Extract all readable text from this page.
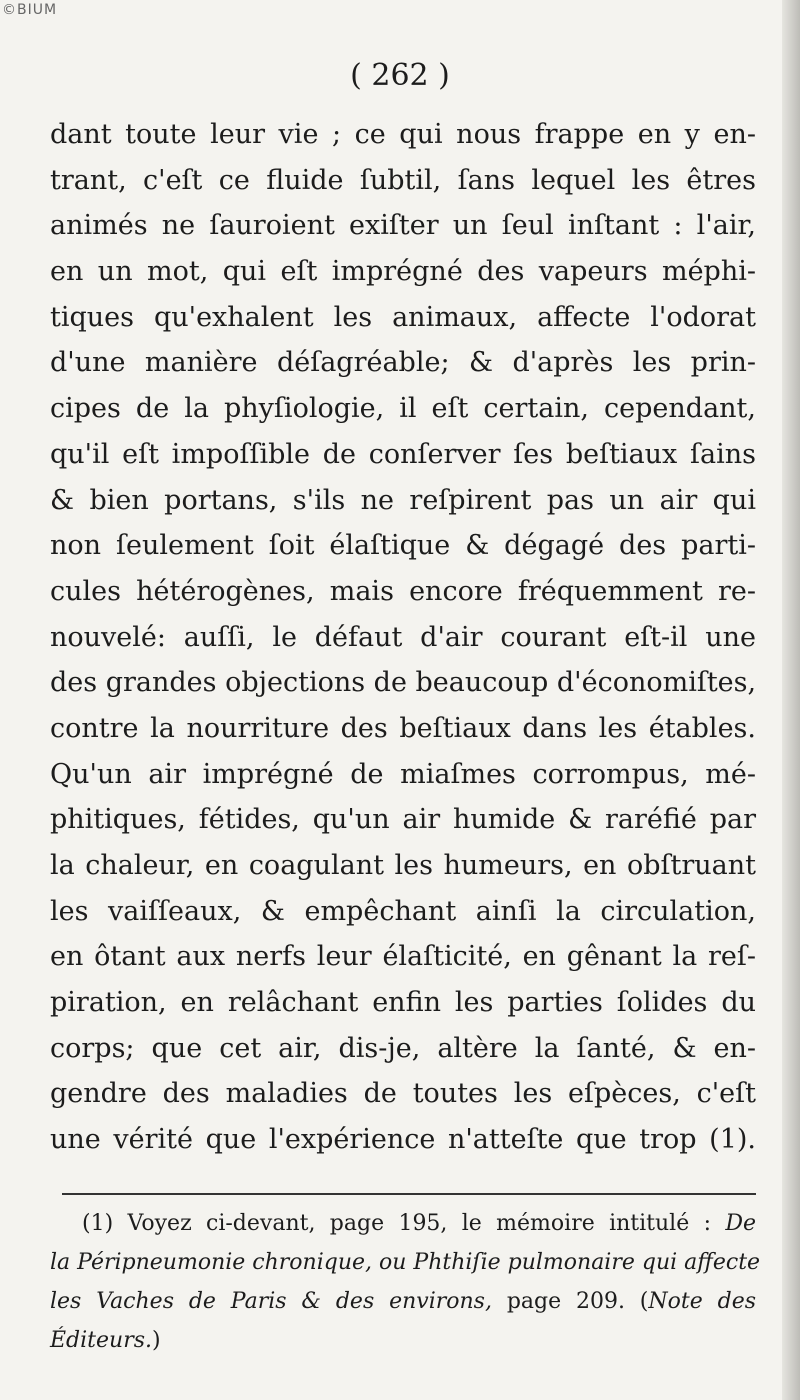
©BIUM
( 262 )
dant toute leur vie ; ce qui nous frappe en y en-
trant, c'eſt ce fluide ſubtil, ſans lequel les êtres
animés ne ſauroient exiſter un ſeul inſtant : l'air,
en un mot, qui eſt imprégné des vapeurs méphi-
tiques qu'exhalent les animaux, affecte l'odorat
d'une manière déſagréable; & d'après les prin-
cipes de la phyſiologie, il eſt certain, cependant,
qu'il eſt impoſſible de conſerver ſes beſtiaux ſains
& bien portans, s'ils ne reſpirent pas un air qui
non ſeulement ſoit élaſtique & dégagé des parti-
cules hétérogènes, mais encore fréquemment re-
nouvelé: auſſi, le défaut d'air courant eſt-il une
des grandes objections de beaucoup d'économiſtes,
contre la nourriture des beſtiaux dans les étables.
Qu'un air imprégné de miaſmes corrompus, mé-
phitiques, fétides, qu'un air humide & raréfié par
la chaleur, en coagulant les humeurs, en obſtruant
les vaiſſeaux, & empêchant ainſi la circulation,
en ôtant aux nerfs leur élaſticité, en gênant la reſ-
piration, en relâchant enfin les parties ſolides du
corps; que cet air, dis-je, altère la ſanté, & en-
gendre des maladies de toutes les eſpèces, c'eſt
une vérité que l'expérience n'atteſte que trop (1).
(1) Voyez ci-devant, page 195, le mémoire intitulé : De
la Péripneumonie chronique, ou Phthiſie pulmonaire qui affecte
les Vaches de Paris & des environs, page 209. (Note des
Éditeurs.)
